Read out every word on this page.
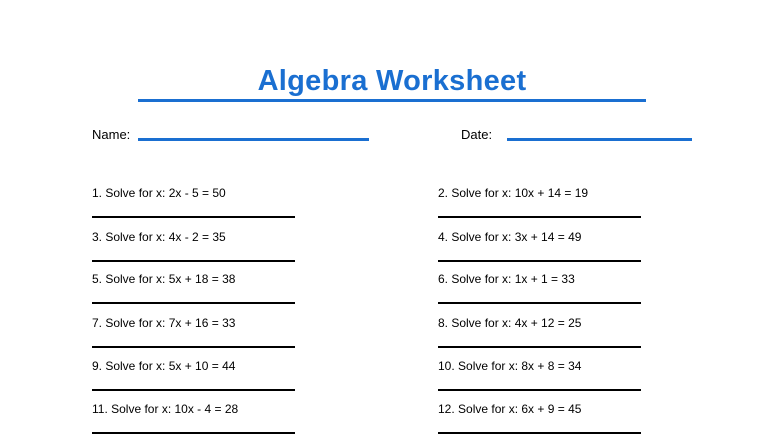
Algebra Worksheet
Name:	Date:
1. Solve for x: 2x - 5 = 50	2. Solve for x: 10x + 14 = 19
3. Solve for x: 4x - 2 = 35	4. Solve for x: 3x + 14 = 49
5. Solve for x: 5x + 18 = 38	6. Solve for x: 1x + 1 = 33
7. Solve for x: 7x + 16 = 33	8. Solve for x: 4x + 12 = 25
9. Solve for x: 5x + 10 = 44	10. Solve for x: 8x + 8 = 34
11. Solve for x: 10x - 4 = 28	12. Solve for x: 6x + 9 = 45
